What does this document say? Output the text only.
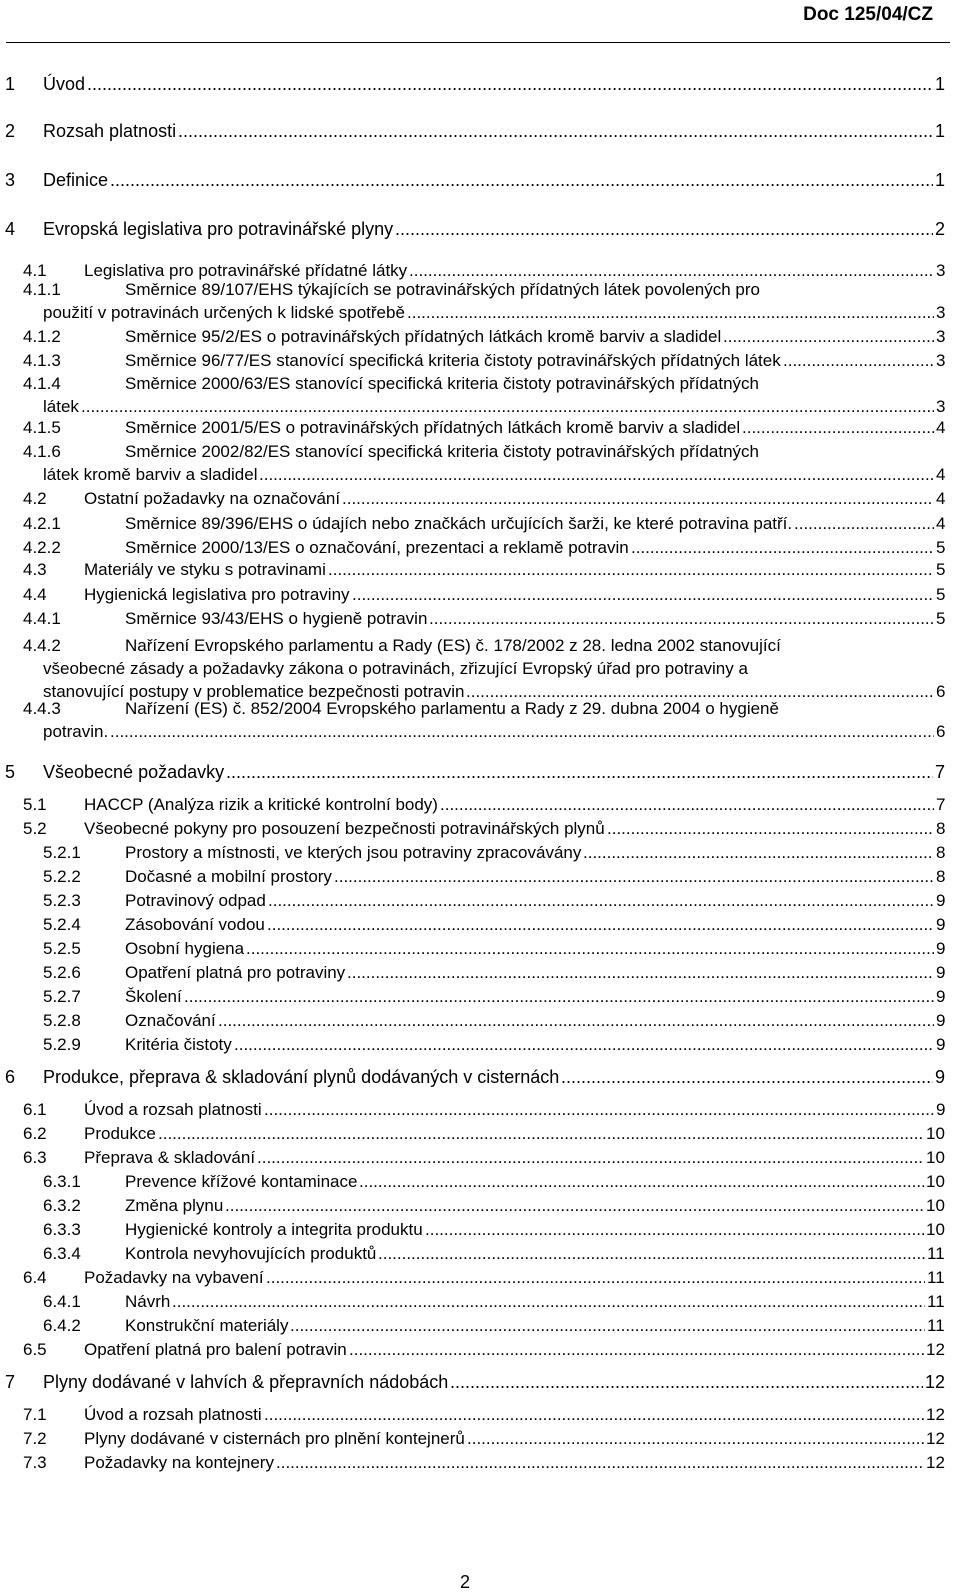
Doc 125/04/CZ
1 Úvod	1
.....
2 Rozsah platnosti	1
.....
3 Definice	1
.....
4 Evropská legislativa pro potravinářské plyny	2
.....
4.1 Legislativa pro potravinářské přídatné látky	3
.....
4.1.1	Směrnice 89/107/EHS týkajících se potravinářských přídatných látek povolených pro
použití v potravinách určených k lidské spotřebě	3
.....
4.1.2	Směrnice 95/2/ES o potravinářských přídatných látkách kromě barviv a sladidel	3
.....
4.1.3	Směrnice 96/77/ES stanovící specifická kriteria čistoty potravinářských přídatných látek	3
.....
4.1.4	Směrnice 2000/63/ES stanovící specifická kriteria čistoty potravinářských přídatných
látek	3
.....
4.1.5	Směrnice 2001/5/ES o potravinářských přídatných látkách kromě barviv a sladidel	4
.....
4.1.6	Směrnice 2002/82/ES stanovící specifická kriteria čistoty potravinářských přídatných
látek kromě barviv a sladidel	4
.....
4.2 Ostatní požadavky na označování	4
.....
4.2.1	Směrnice 89/396/EHS o údajích nebo značkách určujících šarži, ke které potravina patří.	4
.....
4.2.2	Směrnice 2000/13/ES o označování, prezentaci a reklamě potravin	5
.....
4.3 Materiály ve styku s potravinami	5
.....
4.4 Hygienická legislativa pro potraviny	5
.....
4.4.1	Směrnice 93/43/EHS o hygieně potravin	5
.....
4.4.2	Nařízení Evropského parlamentu a Rady (ES) č. 178/2002 z 28. ledna 2002 stanovující
všeobecné zásady a požadavky zákona o potravinách, zřizující Evropský úřad pro potraviny a
stanovující postupy v problematice bezpečnosti potravin	6
.....
4.4.3	Nařízení (ES) č. 852/2004 Evropského parlamentu a Rady z 29. dubna 2004 o hygieně
potravin.	6
.....
5 Všeobecné požadavky	7
.....
5.1 HACCP (Analýza rizik a kritické kontrolní body)	7
.....
5.2 Všeobecné pokyny pro posouzení bezpečnosti potravinářských plynů	8
.....
5.2.1	Prostory a místnosti, ve kterých jsou potraviny zpracovávány	8
.....
5.2.2	Dočasné a mobilní prostory	8
.....
5.2.3	Potravinový odpad	9
.....
5.2.4	Zásobování vodou	9
.....
5.2.5	Osobní hygiena	9
.....
5.2.6	Opatření platná pro potraviny	9
.....
5.2.7	Školení	9
.....
5.2.8	Označování	9
.....
5.2.9	Kritéria čistoty	9
.....
6 Produkce, přeprava & skladování plynů dodávaných v cisternách	9
.....
6.1 Úvod a rozsah platnosti	9
.....
6.2 Produkce	10
.....
6.3 Přeprava & skladování	10
.....
6.3.1	Prevence křížové kontaminace	10
.....
6.3.2	Změna plynu	10
.....
6.3.3	Hygienické kontroly a integrita produktu	10
.....
6.3.4	Kontrola nevyhovujících produktů	11
.....
6.4 Požadavky na vybavení	11
.....
6.4.1	Návrh	11
.....
6.4.2	Konstrukční materiály	11
.....
6.5 Opatření platná pro balení potravin	12
.....
7 Plyny dodávané v lahvích & přepravních nádobách	12
.....
7.1 Úvod a rozsah platnosti	12
.....
7.2 Plyny dodávané v cisternách pro plnění kontejnerů	12
.....
7.3 Požadavky na kontejnery	12
.....
2
